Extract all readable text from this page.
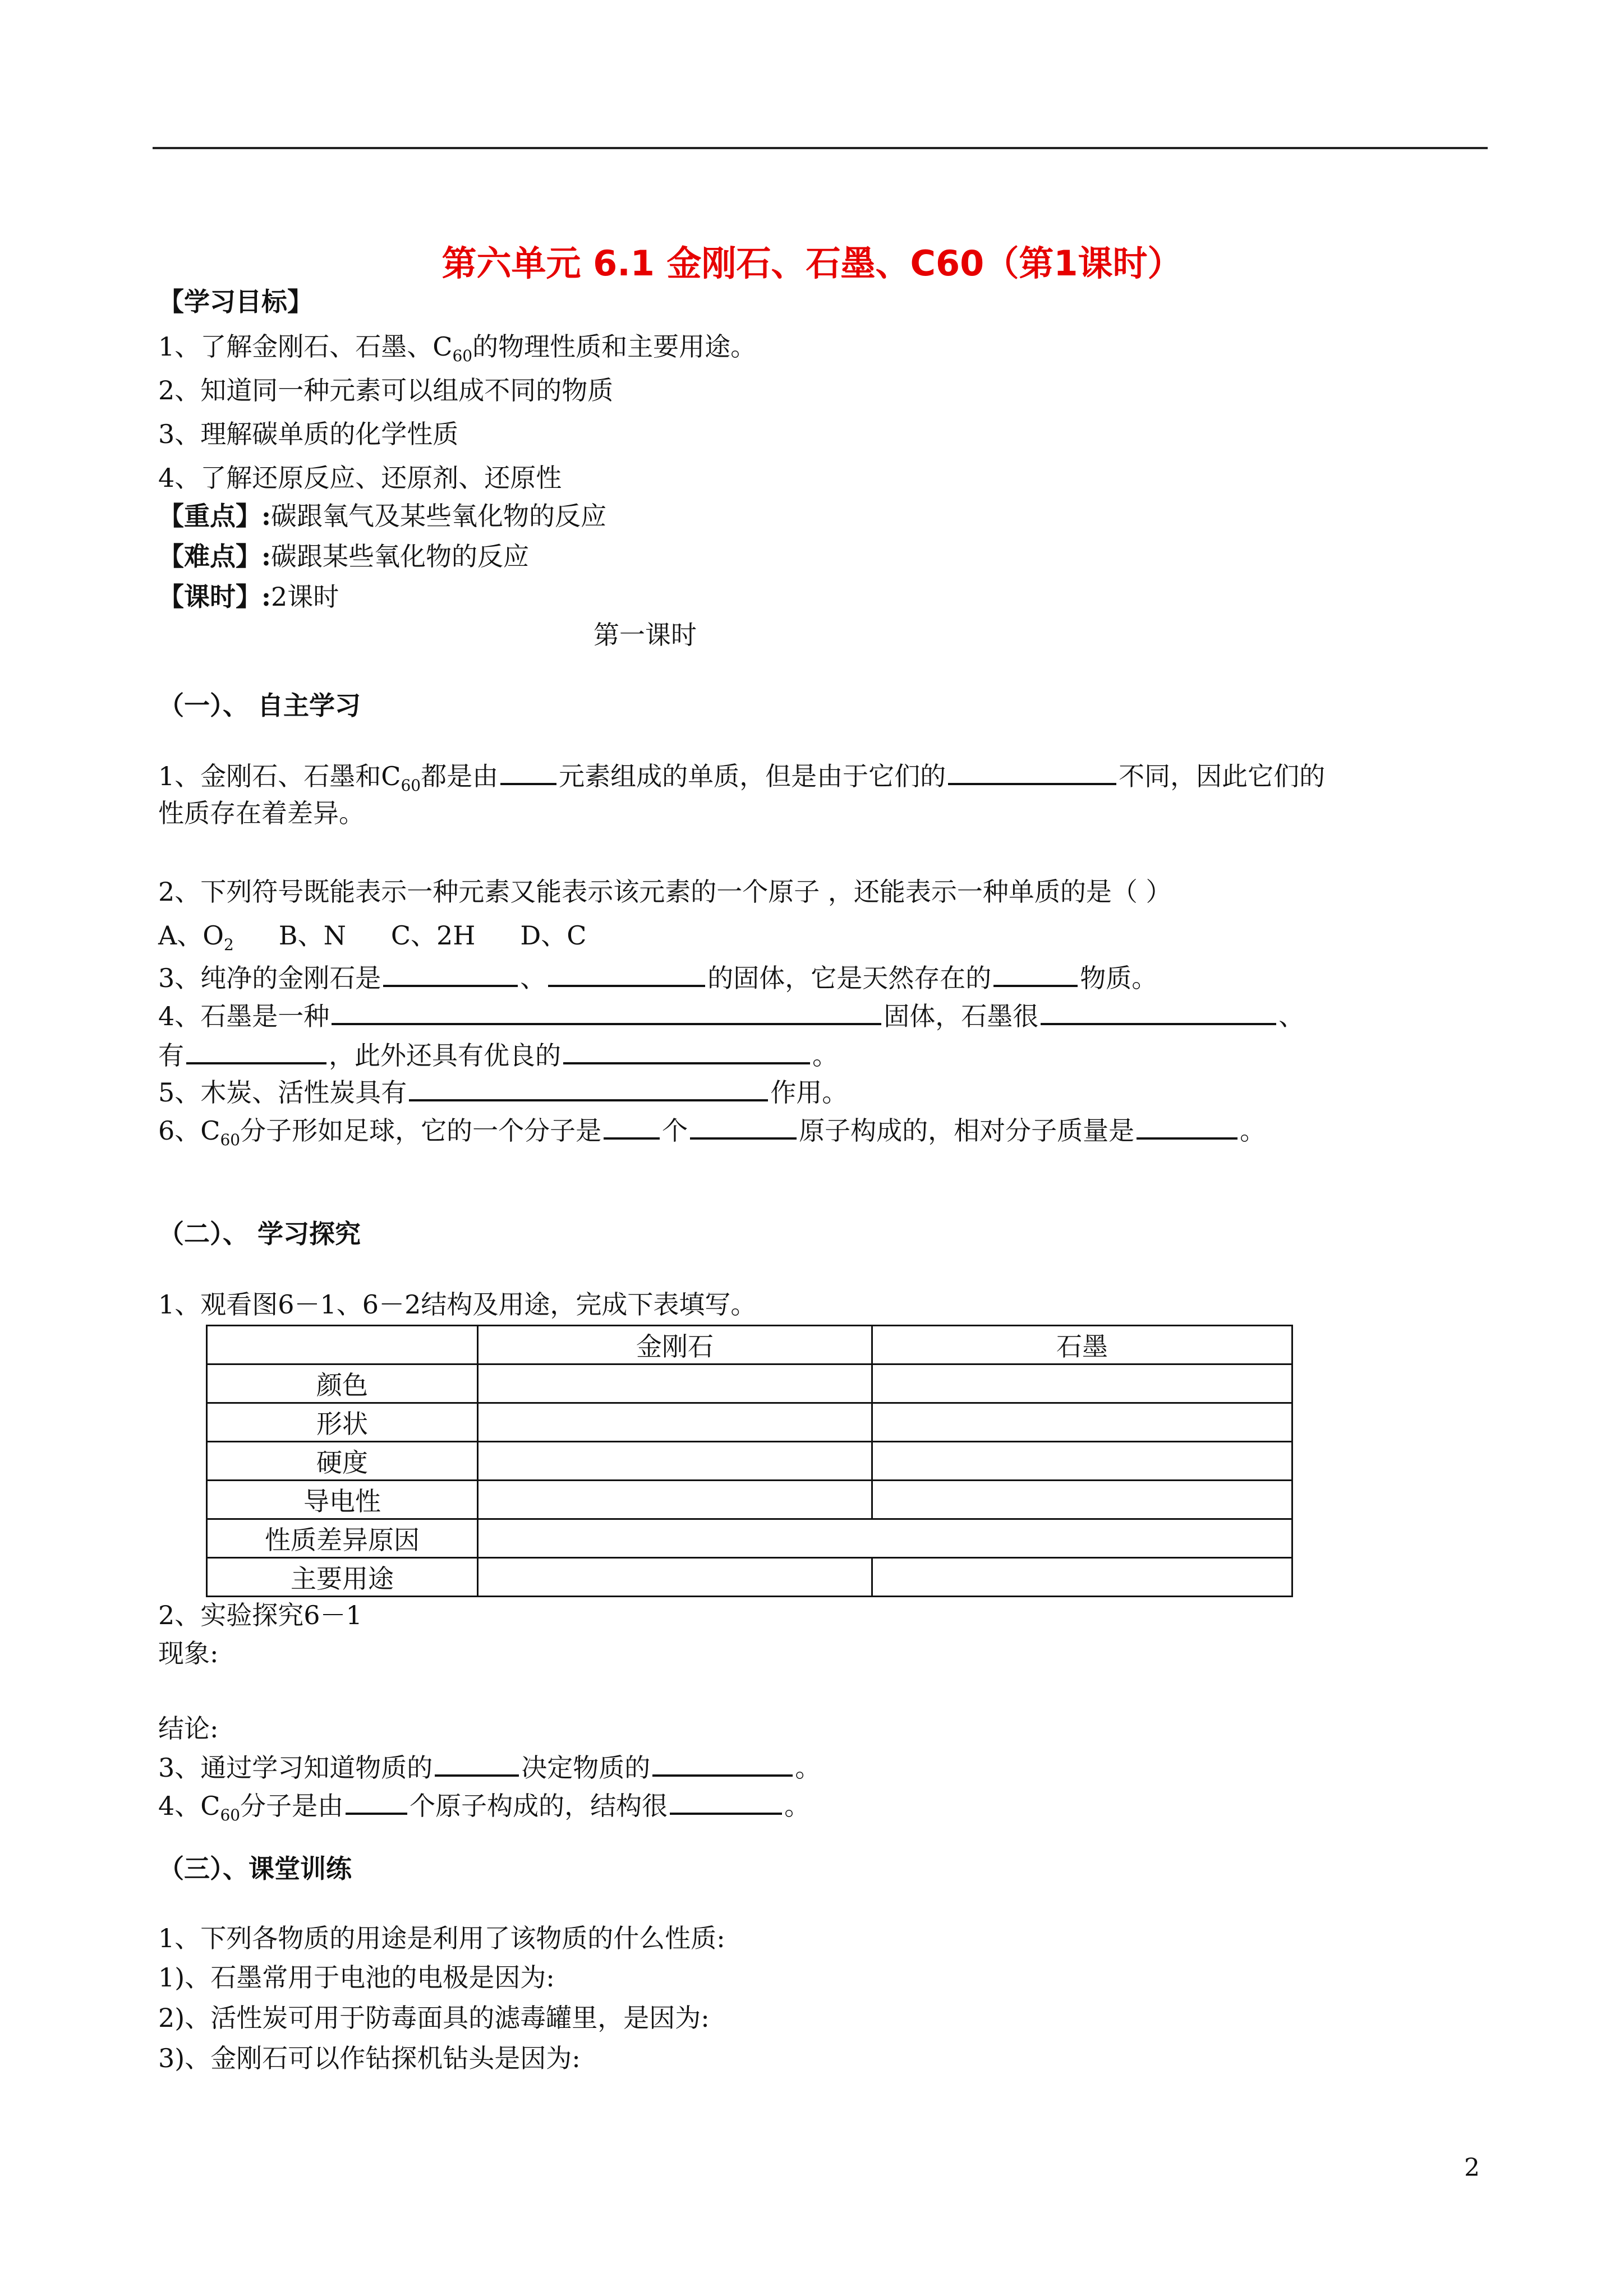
第六单元 6.1 金刚石、石墨、C60（第1课时）
【学习目标】
1、了解金刚石、石墨、$C_{60}$的物理性质和主要用途。
2、知道同一种元素可以组成不同的物质
3、理解碳单质的化学性质
4、了解还原反应、还原剂、还原性
【重点】:碳跟氧气及某些氧化物的反应
【难点】:碳跟某些氧化物的反应
【课时】:2课时
第一课时
（一）、 自主学习
1、金刚石、石墨和$C_{60}$都是由 元素组成的单质，但是由于它们的	不同，因此它们的
性质存在着差异。
2、下列符号既能表示一种元素又能表示该元素的一个原子 ，还能表示一种单质的是（ ）
A、$O_2$ B、N C、2H D、C
3、纯净的金刚石是	、	的固体，它是天然存在的	物质。
4、石墨是一种	固体，石墨很	、
有	，此外还具有优良的	。
5、木炭、活性炭具有	作用。
6、$C_{60}$分子形如足球，它的一个分子是 个	原子构成的，相对分子质量是	。
（二）、 学习探究
1、观看图6－1、6－2结构及用途，完成下表填写。
	金刚石	石墨
颜色		
形状		
硬度		
导电性		
性质差异原因		
主要用途		
2、实验探究6－1
现象:
结论:
3、通过学习知道物质的	决定物质的	。
4、$C_{60}$分子是由	个原子构成的，结构很	。
（三）、课堂训练
1、下列各物质的用途是利用了该物质的什么性质:
1)、石墨常用于电池的电极是因为:
2)、活性炭可用于防毒面具的滤毒罐里，是因为:
3)、金刚石可以作钻探机钻头是因为:
2
